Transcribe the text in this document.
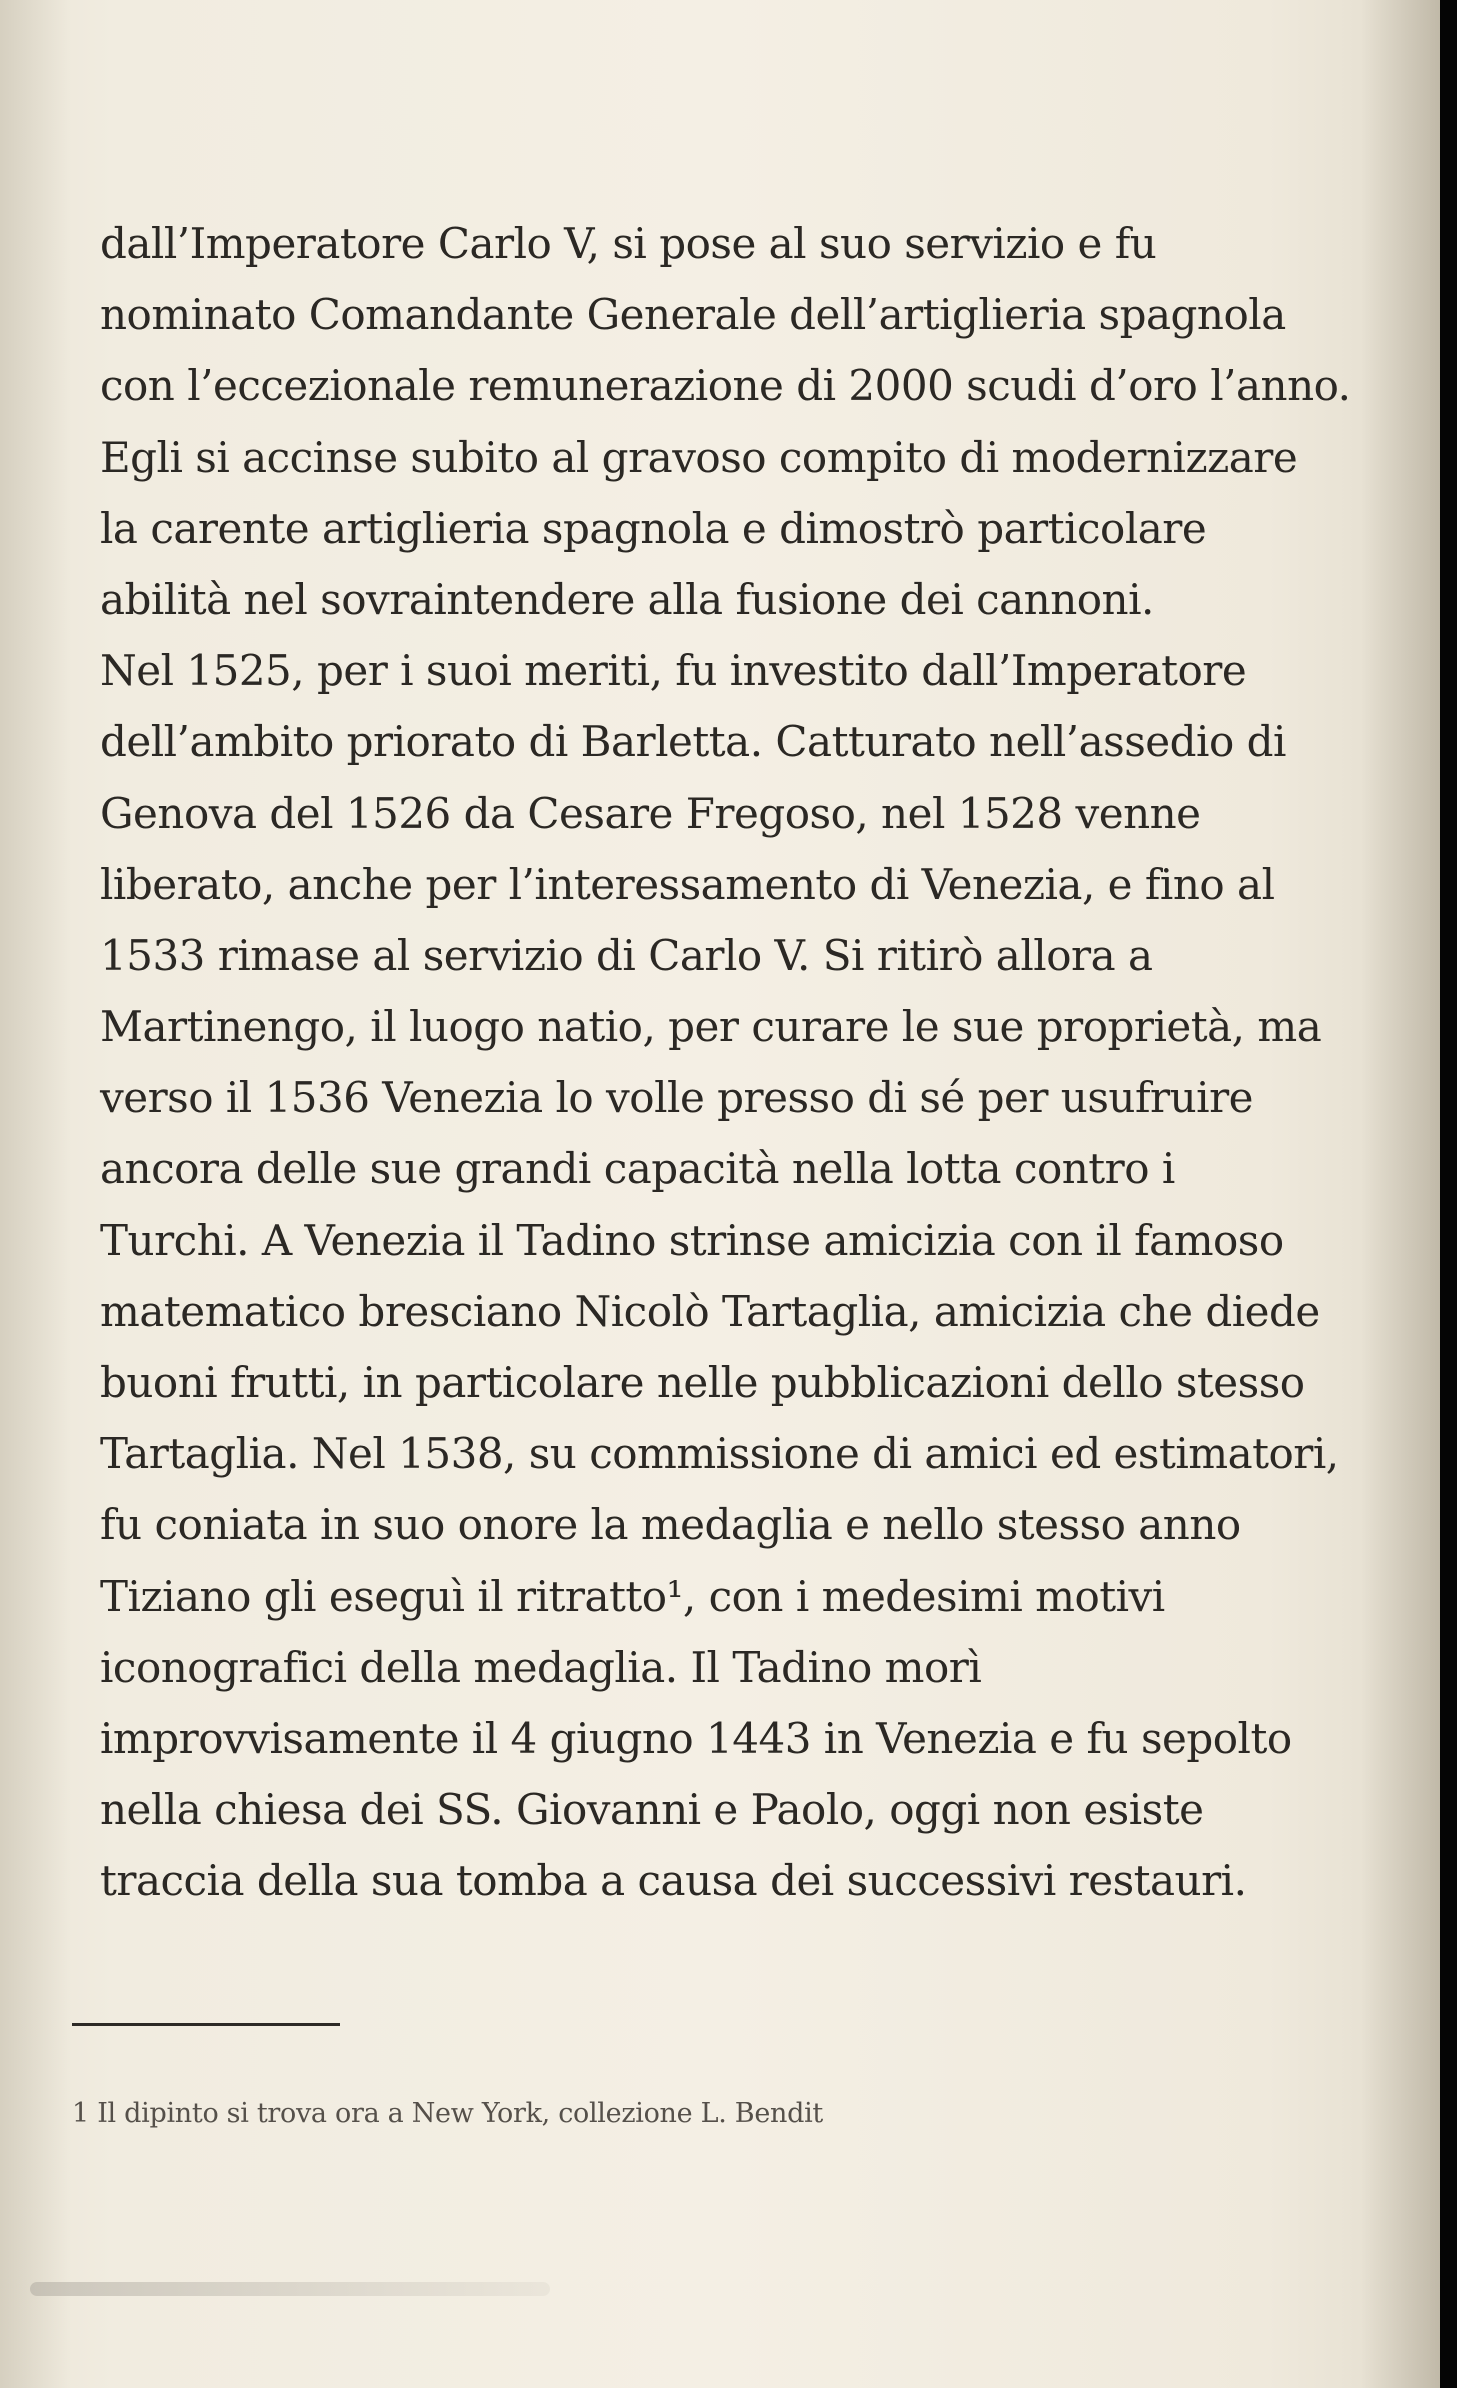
dall’Imperatore Carlo V, si pose al suo servizio e fu
nominato Comandante Generale dell’artiglieria spagnola
con l’eccezionale remunerazione di 2000 scudi d’oro l’anno.
Egli si accinse subito al gravoso compito di modernizzare
la carente artiglieria spagnola e dimostrò particolare
abilità nel sovraintendere alla fusione dei cannoni.
Nel 1525, per i suoi meriti, fu investito dall’Imperatore
dell’ambito priorato di Barletta. Catturato nell’assedio di
Genova del 1526 da Cesare Fregoso, nel 1528 venne
liberato, anche per l’interessamento di Venezia, e fino al
1533 rimase al servizio di Carlo V. Si ritirò allora a
Martinengo, il luogo natio, per curare le sue proprietà, ma
verso il 1536 Venezia lo volle presso di sé per usufruire
ancora delle sue grandi capacità nella lotta contro i
Turchi. A Venezia il Tadino strinse amicizia con il famoso
matematico bresciano Nicolò Tartaglia, amicizia che diede
buoni frutti, in particolare nelle pubblicazioni dello stesso
Tartaglia. Nel 1538, su commissione di amici ed estimatori,
fu coniata in suo onore la medaglia e nello stesso anno
Tiziano gli eseguì il ritratto¹, con i medesimi motivi
iconografici della medaglia. Il Tadino morì
improvvisamente il 4 giugno 1443 in Venezia e fu sepolto
nella chiesa dei SS. Giovanni e Paolo, oggi non esiste
traccia della sua tomba a causa dei successivi restauri.
1 Il dipinto si trova ora a New York, collezione L. Bendit
